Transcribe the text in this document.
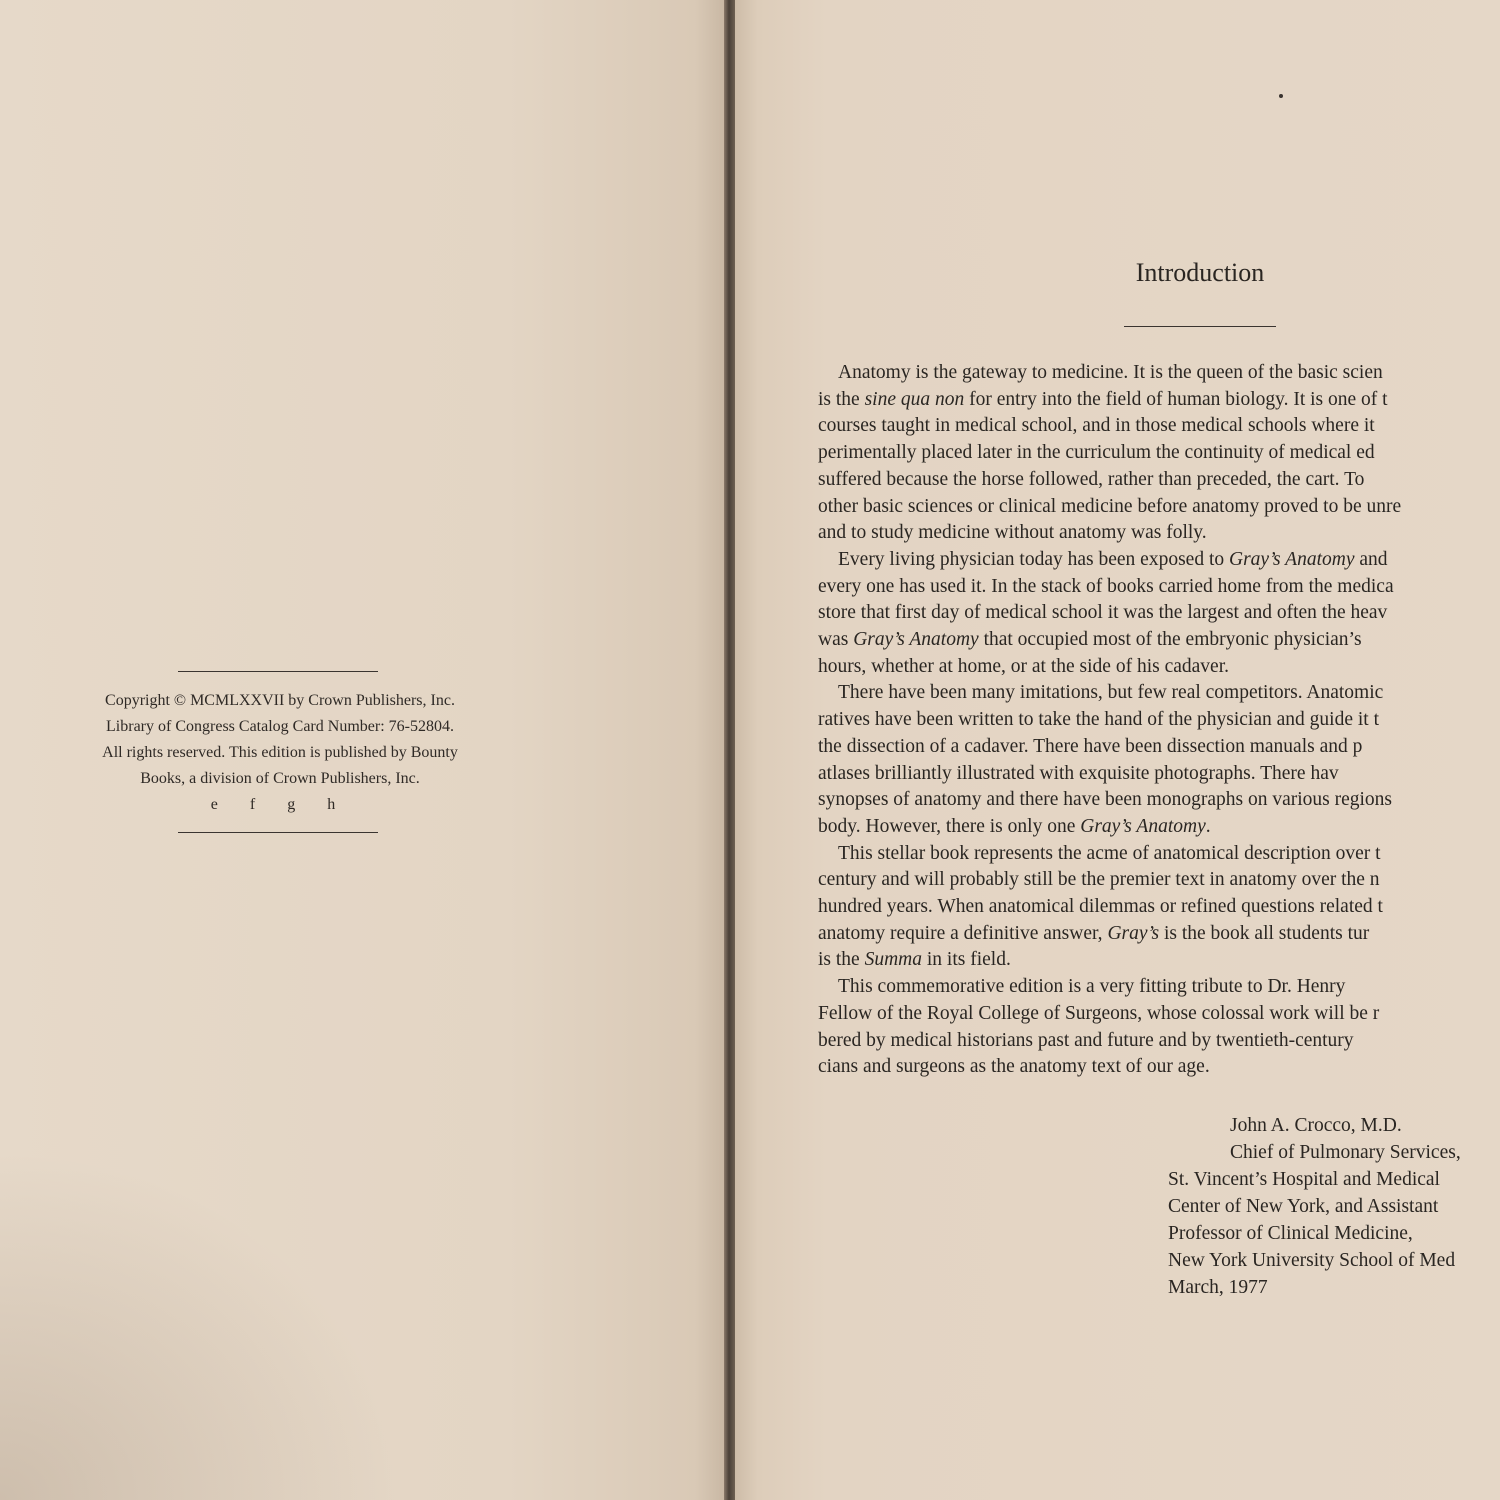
Copyright © MCMLXXVII by Crown Publishers, Inc.
Library of Congress Catalog Card Number: 76-52804.
All rights reserved. This edition is published by Bounty
Books, a division of Crown Publishers, Inc.
e f g h
Introduction
Anatomy is the gateway to medicine. It is the queen of the basic scien
is the sine qua non for entry into the field of human biology. It is one of t
courses taught in medical school, and in those medical schools where it
perimentally placed later in the curriculum the continuity of medical ed
suffered because the horse followed, rather than preceded, the cart. To
other basic sciences or clinical medicine before anatomy proved to be unre
and to study medicine without anatomy was folly.
Every living physician today has been exposed to Gray’s Anatomy and
every one has used it. In the stack of books carried home from the medica
store that first day of medical school it was the largest and often the heav
was Gray’s Anatomy that occupied most of the embryonic physician’s
hours, whether at home, or at the side of his cadaver.
There have been many imitations, but few real competitors. Anatomic
ratives have been written to take the hand of the physician and guide it t
the dissection of a cadaver. There have been dissection manuals and p
atlases brilliantly illustrated with exquisite photographs. There hav
synopses of anatomy and there have been monographs on various regions
body. However, there is only one Gray’s Anatomy.
This stellar book represents the acme of anatomical description over t
century and will probably still be the premier text in anatomy over the n
hundred years. When anatomical dilemmas or refined questions related t
anatomy require a definitive answer, Gray’s is the book all students tur
is the Summa in its field.
This commemorative edition is a very fitting tribute to Dr. Henry
Fellow of the Royal College of Surgeons, whose colossal work will be r
bered by medical historians past and future and by twentieth-century
cians and surgeons as the anatomy text of our age.
John A. Crocco, M.D.
Chief of Pulmonary Services,
St. Vincent’s Hospital and Medical
Center of New York, and Assistant
Professor of Clinical Medicine,
New York University School of Med
March, 1977
